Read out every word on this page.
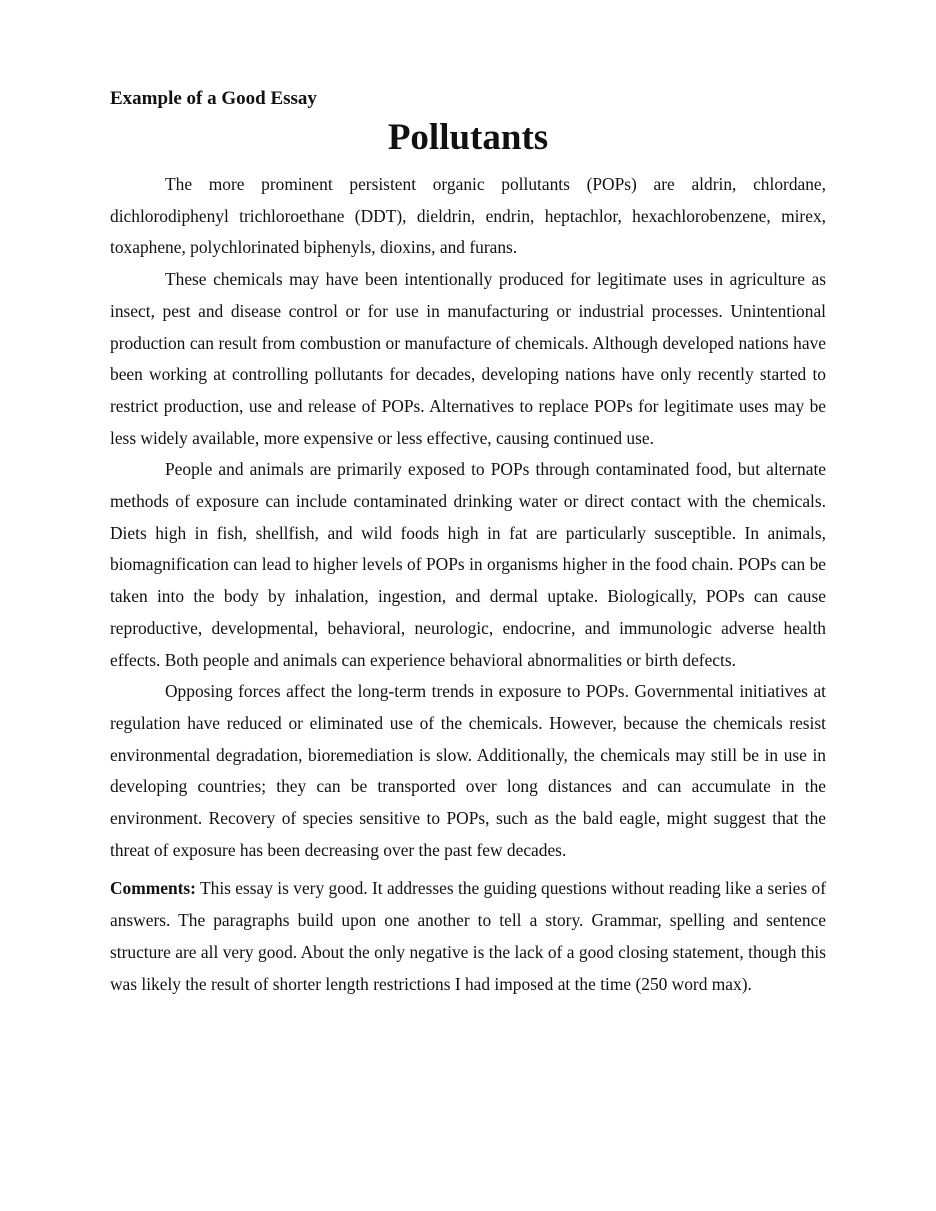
Example of a Good Essay

Pollutants

The more prominent persistent organic pollutants (POPs) are aldrin, chlordane, dichlorodiphenyl trichloroethane (DDT), dieldrin, endrin, heptachlor, hexachlorobenzene, mirex, toxaphene, polychlorinated biphenyls, dioxins, and furans.

These chemicals may have been intentionally produced for legitimate uses in agriculture as insect, pest and disease control or for use in manufacturing or industrial processes. Unintentional production can result from combustion or manufacture of chemicals. Although developed nations have been working at controlling pollutants for decades, developing nations have only recently started to restrict production, use and release of POPs. Alternatives to replace POPs for legitimate uses may be less widely available, more expensive or less effective, causing continued use.

People and animals are primarily exposed to POPs through contaminated food, but alternate methods of exposure can include contaminated drinking water or direct contact with the chemicals. Diets high in fish, shellfish, and wild foods high in fat are particularly susceptible. In animals, biomagnification can lead to higher levels of POPs in organisms higher in the food chain. POPs can be taken into the body by inhalation, ingestion, and dermal uptake. Biologically, POPs can cause reproductive, developmental, behavioral, neurologic, endocrine, and immunologic adverse health effects. Both people and animals can experience behavioral abnormalities or birth defects.

Opposing forces affect the long-term trends in exposure to POPs. Governmental initiatives at regulation have reduced or eliminated use of the chemicals. However, because the chemicals resist environmental degradation, bioremediation is slow. Additionally, the chemicals may still be in use in developing countries; they can be transported over long distances and can accumulate in the environment. Recovery of species sensitive to POPs, such as the bald eagle, might suggest that the threat of exposure has been decreasing over the past few decades.

Comments: This essay is very good. It addresses the guiding questions without reading like a series of answers. The paragraphs build upon one another to tell a story. Grammar, spelling and sentence structure are all very good. About the only negative is the lack of a good closing statement, though this was likely the result of shorter length restrictions I had imposed at the time (250 word max).
